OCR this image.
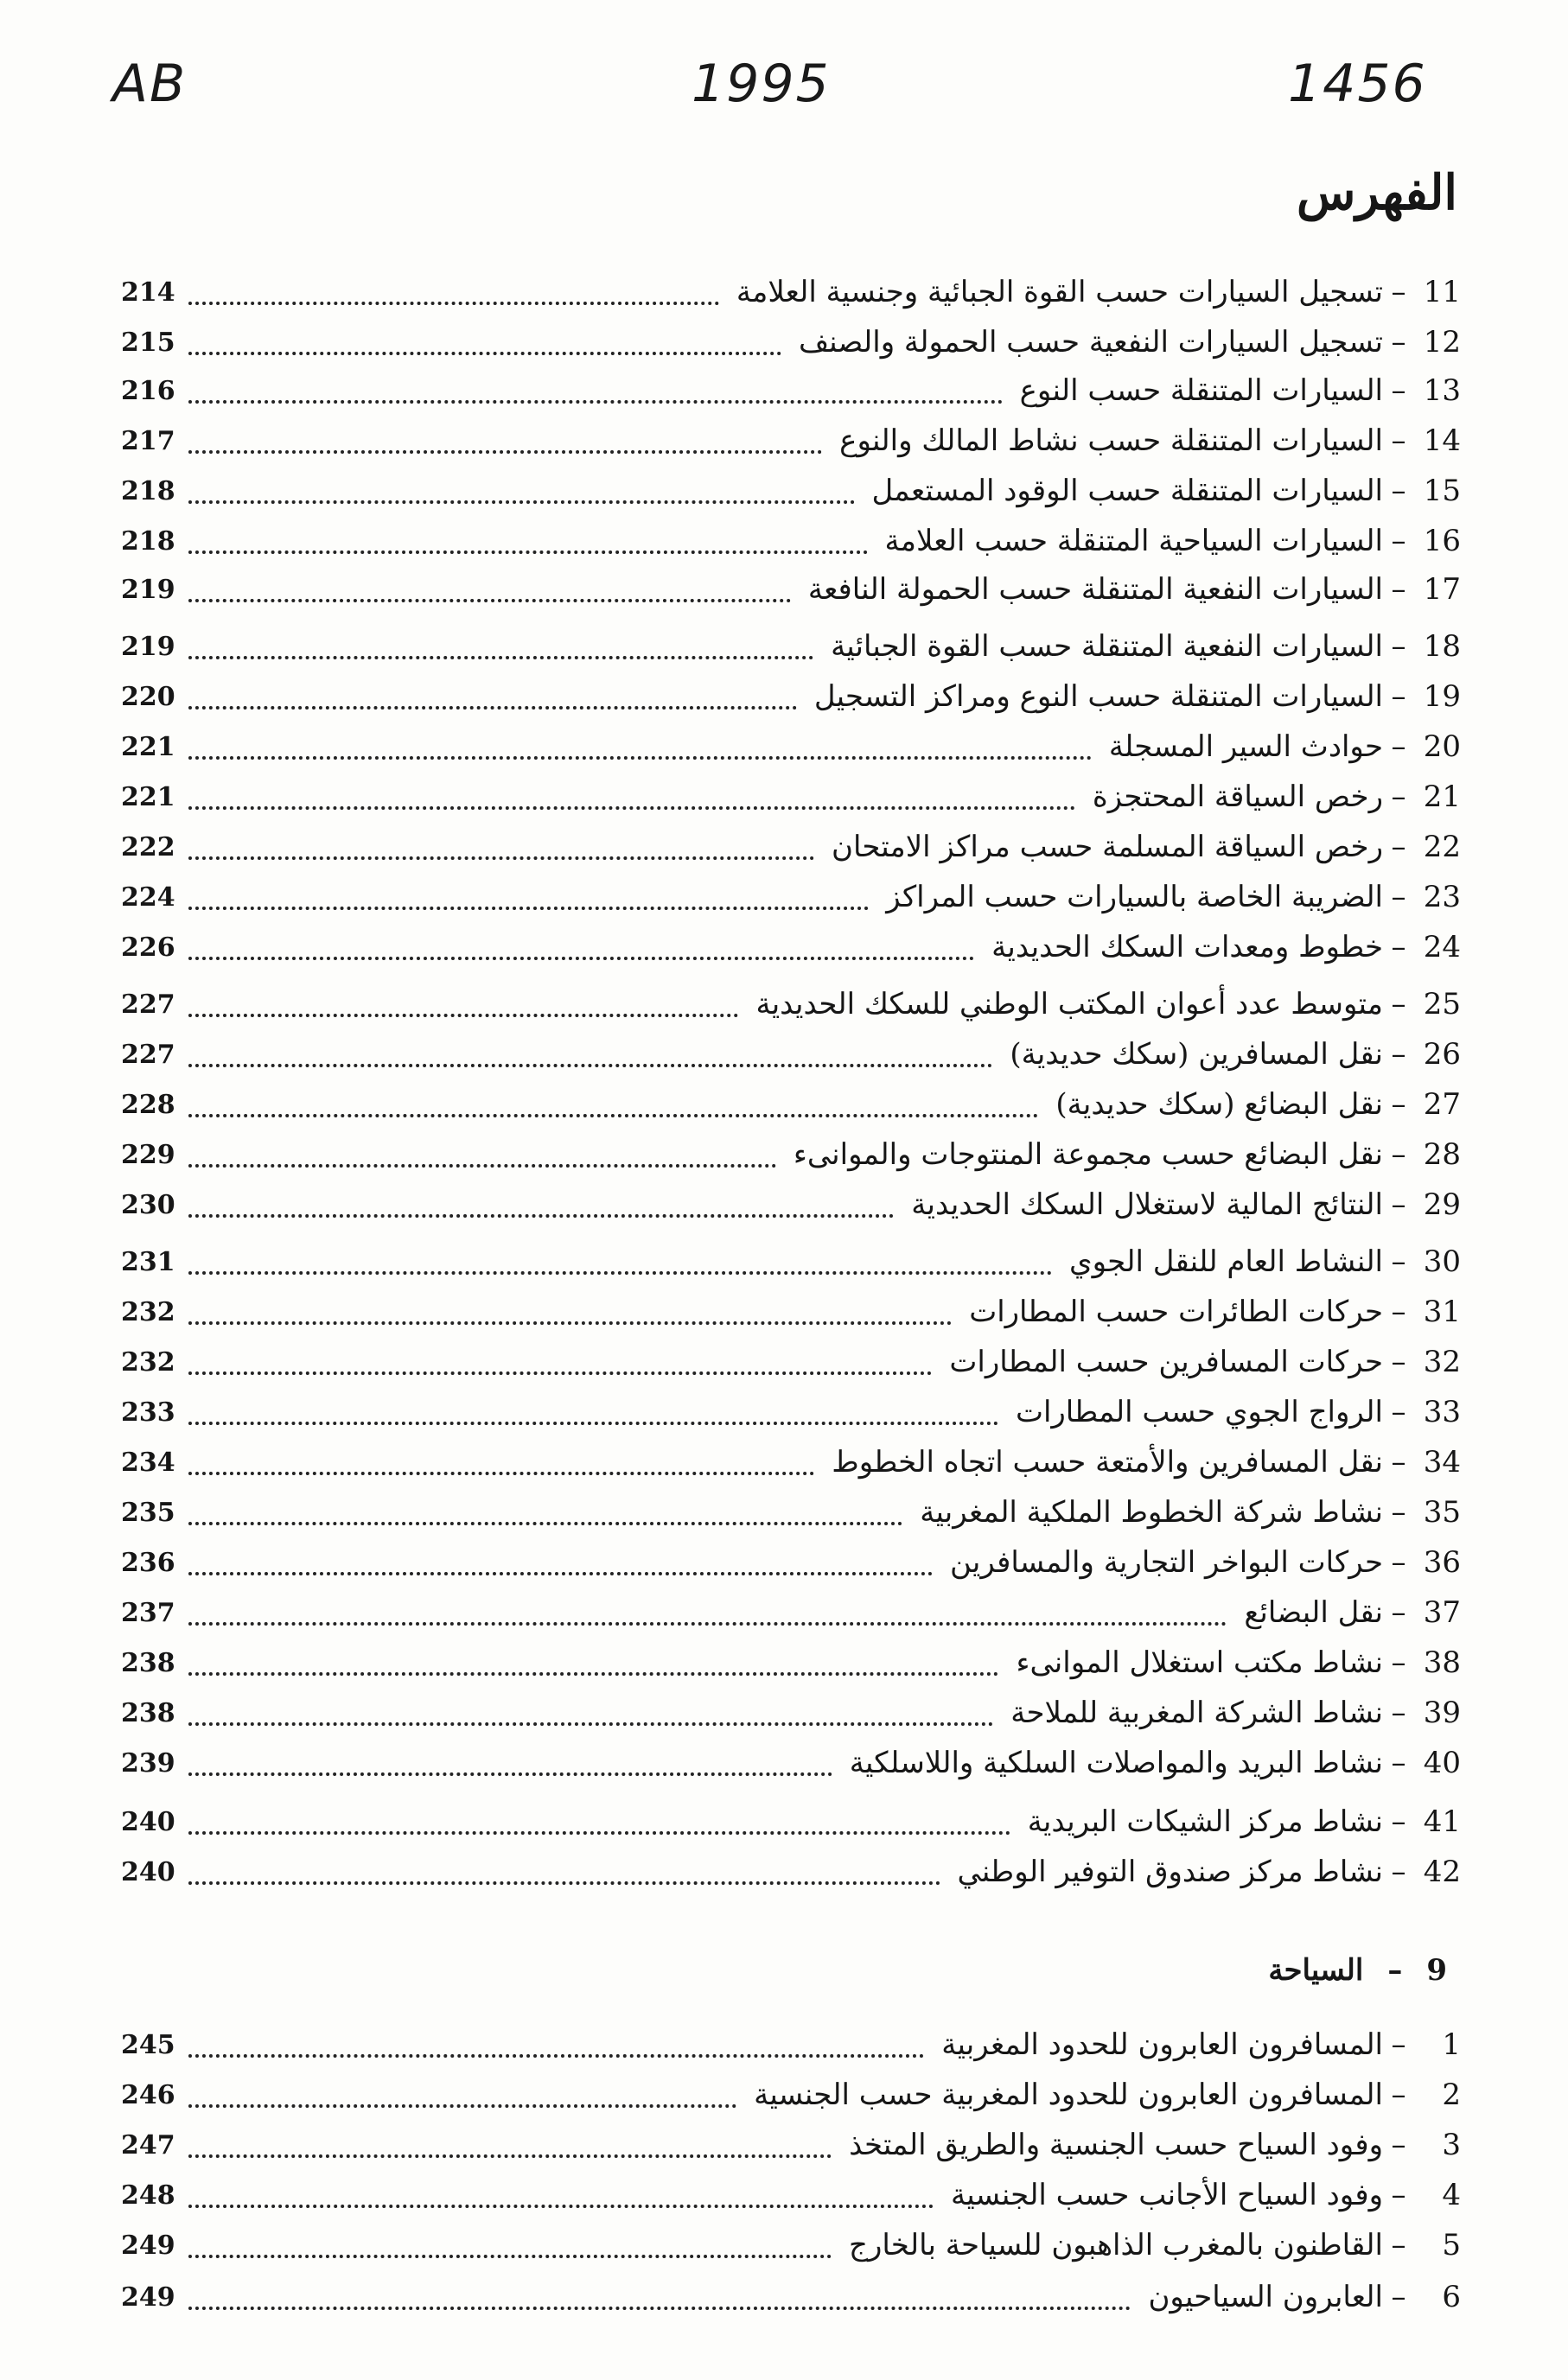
AB	1995	1456
الفهرس
11
–
تسجيل السيارات حسب القوة الجبائية وجنسية العلامة
214
12
–
تسجيل السيارات النفعية حسب الحمولة والصنف
215
13
–
السيارات المتنقلة حسب النوع
216
14
–
السيارات المتنقلة حسب نشاط المالك والنوع
217
15
–
السيارات المتنقلة حسب الوقود المستعمل
218
16
–
السيارات السياحية المتنقلة حسب العلامة
218
17
–
السيارات النفعية المتنقلة حسب الحمولة النافعة
219
18
–
السيارات النفعية المتنقلة حسب القوة الجبائية
219
19
–
السيارات المتنقلة حسب النوع ومراكز التسجيل
220
20
–
حوادث السير المسجلة
221
21
–
رخص السياقة المحتجزة
221
22
–
رخص السياقة المسلمة حسب مراكز الامتحان
222
23
–
الضريبة الخاصة بالسيارات حسب المراكز
224
24
–
خطوط ومعدات السكك الحديدية
226
25
–
متوسط عدد أعوان المكتب الوطني للسكك الحديدية
227
26
–
نقل المسافرين (سكك حديدية)
227
27
–
نقل البضائع (سكك حديدية)
228
28
–
نقل البضائع حسب مجموعة المنتوجات والموانىء
229
29
–
النتائج المالية لاستغلال السكك الحديدية
230
30
–
النشاط العام للنقل الجوي
231
31
–
حركات الطائرات حسب المطارات
232
32
–
حركات المسافرين حسب المطارات
232
33
–
الرواج الجوي حسب المطارات
233
34
–
نقل المسافرين والأمتعة حسب اتجاه الخطوط
234
35
–
نشاط شركة الخطوط الملكية المغربية
235
36
–
حركات البواخر التجارية والمسافرين
236
37
–
نقل البضائع
237
38
–
نشاط مكتب استغلال الموانىء
238
39
–
نشاط الشركة المغربية للملاحة
238
40
–
نشاط البريد والمواصلات السلكية واللاسلكية
239
41
–
نشاط مركز الشيكات البريدية
240
42
–
نشاط مركز صندوق التوفير الوطني
240
9
–
السياحة
1
–
المسافرون العابرون للحدود المغربية
245
2
–
المسافرون العابرون للحدود المغربية حسب الجنسية
246
3
–
وفود السياح حسب الجنسية والطريق المتخذ
247
4
–
وفود السياح الأجانب حسب الجنسية
248
5
–
القاطنون بالمغرب الذاهبون للسياحة بالخارج
249
6
–
العابرون السياحيون
249
